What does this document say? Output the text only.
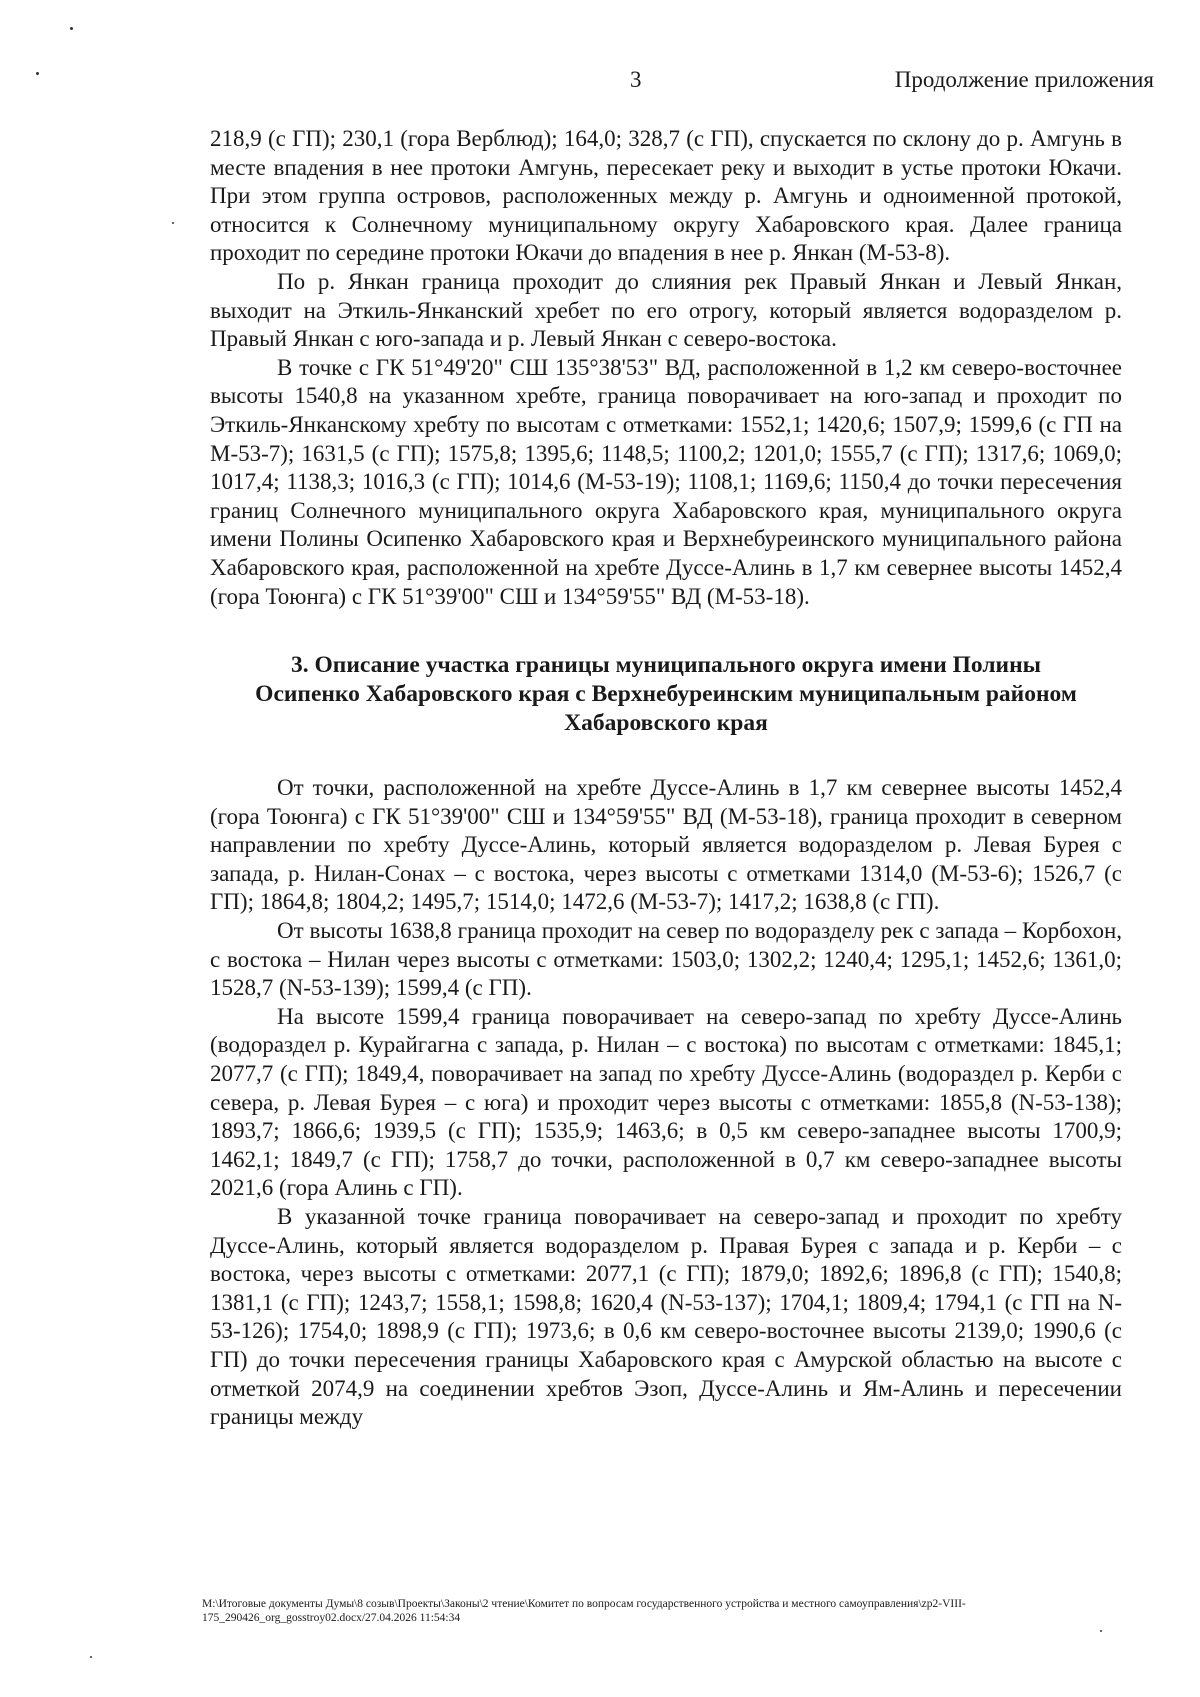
3	Продолжение приложения

218,9 (с ГП); 230,1 (гора Верблюд); 164,0; 328,7 (с ГП), спускается по склону до р. Амгунь в месте впадения в нее протоки Амгунь, пересекает реку и выходит в устье протоки Юкачи. При этом группа островов, расположенных между р. Амгунь и одноименной протокой, относится к Солнечному муниципальному округу Хабаровского края. Далее граница проходит по середине протоки Юкачи до впадения в нее р. Янкан (М-53-8).

По р. Янкан граница проходит до слияния рек Правый Янкан и Левый Янкан, выходит на Эткиль-Янканский хребет по его отрогу, который является водоразделом р. Правый Янкан с юго-запада и р. Левый Янкан с северо-востока.

В точке с ГК 51°49'20" СШ 135°38'53" ВД, расположенной в 1,2 км северо-восточнее высоты 1540,8 на указанном хребте, граница поворачивает на юго-запад и проходит по Эткиль-Янканскому хребту по высотам с отметками: 1552,1; 1420,6; 1507,9; 1599,6 (с ГП на М-53-7); 1631,5 (с ГП); 1575,8; 1395,6; 1148,5; 1100,2; 1201,0; 1555,7 (с ГП); 1317,6; 1069,0; 1017,4; 1138,3; 1016,3 (с ГП); 1014,6 (М-53-19); 1108,1; 1169,6; 1150,4 до точки пересечения границ Солнечного муниципального округа Хабаровского края, муниципального округа имени Полины Осипенко Хабаровского края и Верхнебуреинского муниципального района Хабаровского края, расположенной на хребте Дуссе-Алинь в 1,7 км севернее высоты 1452,4 (гора Тоюнга) с ГК 51°39'00" СШ и 134°59'55" ВД (М-53-18).

3. Описание участка границы муниципального округа имени Полины
Осипенко Хабаровского края с Верхнебуреинским муниципальным районом
Хабаровского края

От точки, расположенной на хребте Дуссе-Алинь в 1,7 км севернее высоты 1452,4 (гора Тоюнга) с ГК 51°39'00" СШ и 134°59'55" ВД (М-53-18), граница проходит в северном направлении по хребту Дуссе-Алинь, который является водоразделом р. Левая Бурея с запада, р. Нилан-Сонах – с востока, через высоты с отметками 1314,0 (М-53-6); 1526,7 (с ГП); 1864,8; 1804,2; 1495,7; 1514,0; 1472,6 (М-53-7); 1417,2; 1638,8 (с ГП).

От высоты 1638,8 граница проходит на север по водоразделу рек с запада – Корбохон, с востока – Нилан через высоты с отметками: 1503,0; 1302,2; 1240,4; 1295,1; 1452,6; 1361,0; 1528,7 (N-53-139); 1599,4 (с ГП).

На высоте 1599,4 граница поворачивает на северо-запад по хребту Дуссе-Алинь (водораздел р. Курайгагна с запада, р. Нилан – с востока) по высотам с отметками: 1845,1; 2077,7 (с ГП); 1849,4, поворачивает на запад по хребту Дуссе-Алинь (водораздел р. Керби с севера, р. Левая Бурея – с юга) и проходит через высоты с отметками: 1855,8 (N-53-138); 1893,7; 1866,6; 1939,5 (с ГП); 1535,9; 1463,6; в 0,5 км северо-западнее высоты 1700,9; 1462,1; 1849,7 (с ГП); 1758,7 до точки, расположенной в 0,7 км северо-западнее высоты 2021,6 (гора Алинь с ГП).

В указанной точке граница поворачивает на северо-запад и проходит по хребту Дуссе-Алинь, который является водоразделом р. Правая Бурея с запада и р. Керби – с востока, через высоты с отметками: 2077,1 (с ГП); 1879,0; 1892,6; 1896,8 (с ГП); 1540,8; 1381,1 (с ГП); 1243,7; 1558,1; 1598,8; 1620,4 (N-53-137); 1704,1; 1809,4; 1794,1 (с ГП на N-53-126); 1754,0; 1898,9 (с ГП); 1973,6; в 0,6 км северо-восточнее высоты 2139,0; 1990,6 (с ГП) до точки пересечения границы Хабаровского края с Амурской областью на высоте с отметкой 2074,9 на соединении хребтов Эзоп, Дуссе-Алинь и Ям-Алинь и пересечении границы между

M:\Итоговые документы Думы\8 созыв\Проекты\Законы\2 чтение\Комитет по вопросам государственного устройства и местного самоуправления\zp2-VIII-
175_290426_org_gosstroy02.docx/27.04.2026 11:54:34
